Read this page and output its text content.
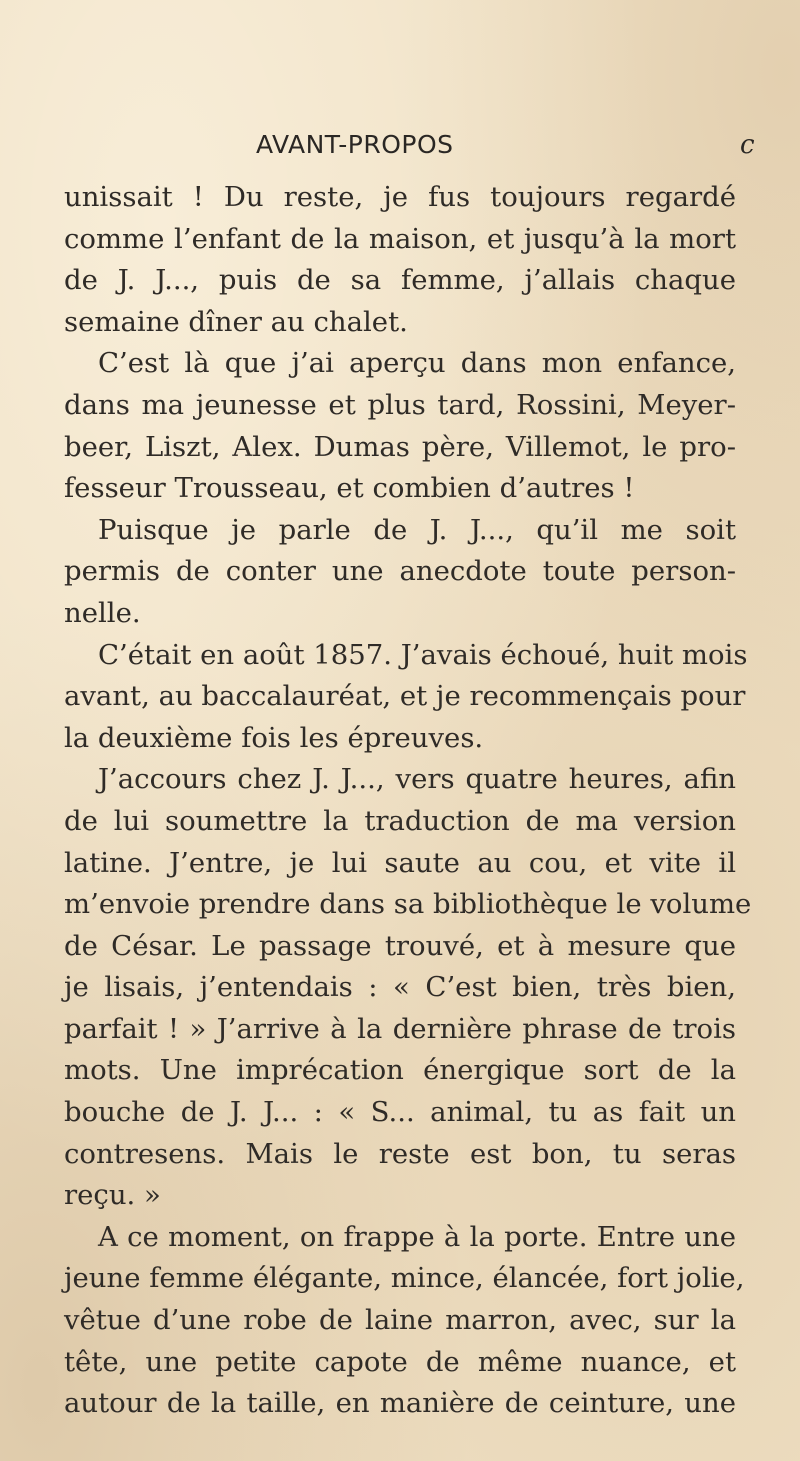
AVANT-PROPOS	c
unissait ! Du reste, je fus toujours regardé
comme l’enfant de la maison, et jusqu’à la mort
de J. J..., puis de sa femme, j’allais chaque
semaine dîner au chalet.
C’est là que j’ai aperçu dans mon enfance,
dans ma jeunesse et plus tard, Rossini, Meyer-
beer, Liszt, Alex. Dumas père, Villemot, le pro-
fesseur Trousseau, et combien d’autres !
Puisque je parle de J. J..., qu’il me soit
permis de conter une anecdote toute person-
nelle.
C’était en août 1857. J’avais échoué, huit mois
avant, au baccalauréat, et je recommençais pour
la deuxième fois les épreuves.
J’accours chez J. J..., vers quatre heures, afin
de lui soumettre la traduction de ma version
latine. J’entre, je lui saute au cou, et vite il
m’envoie prendre dans sa bibliothèque le volume
de César. Le passage trouvé, et à mesure que
je lisais, j’entendais : « C’est bien, très bien,
parfait ! » J’arrive à la dernière phrase de trois
mots. Une imprécation énergique sort de la
bouche de J. J... : « S... animal, tu as fait un
contresens. Mais le reste est bon, tu seras
reçu. »
A ce moment, on frappe à la porte. Entre une
jeune femme élégante, mince, élancée, fort jolie,
vêtue d’une robe de laine marron, avec, sur la
tête, une petite capote de même nuance, et
autour de la taille, en manière de ceinture, une
